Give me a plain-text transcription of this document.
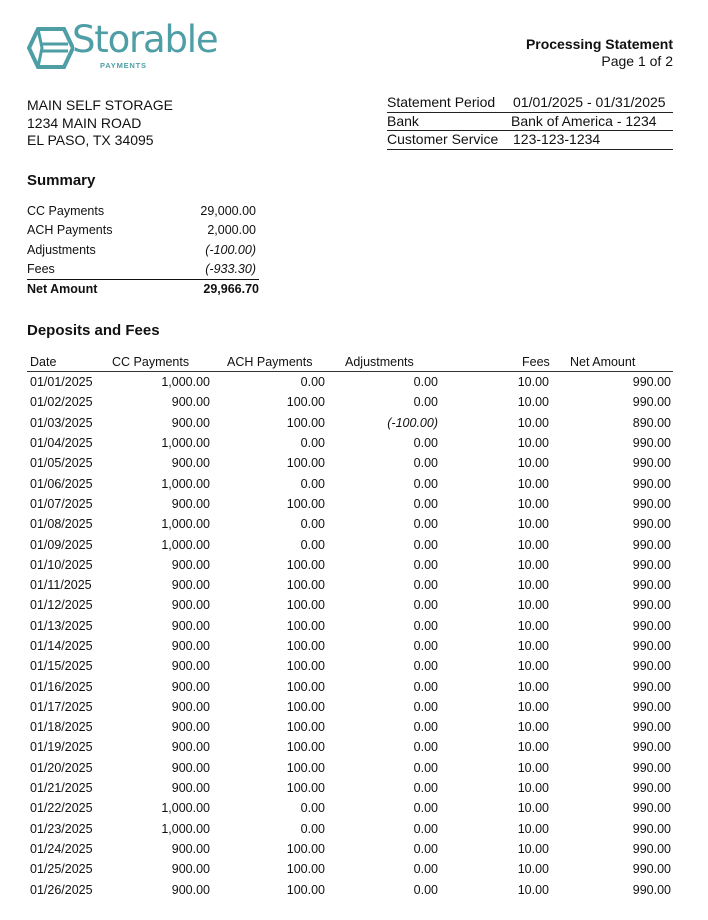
Storable
PAYMENTS
Processing Statement
Page 1 of 2
MAIN SELF STORAGE
1234 MAIN ROAD
EL PASO, TX 34095
Statement Period	01/01/2025 - 01/31/2025
Bank	Bank of America - 1234
Customer Service	123-123-1234
Summary
CC Payments	29,000.00
ACH Payments	2,000.00
Adjustments	(-100.00)
Fees	(-933.30)
Net Amount	29,966.70
Deposits and Fees
Date	CC Payments	ACH Payments	Adjustments	Fees	Net Amount
01/01/2025	1,000.00	0.00	0.00	10.00	990.00
01/02/2025	900.00	100.00	0.00	10.00	990.00
01/03/2025	900.00	100.00	(-100.00)	10.00	890.00
01/04/2025	1,000.00	0.00	0.00	10.00	990.00
01/05/2025	900.00	100.00	0.00	10.00	990.00
01/06/2025	1,000.00	0.00	0.00	10.00	990.00
01/07/2025	900.00	100.00	0.00	10.00	990.00
01/08/2025	1,000.00	0.00	0.00	10.00	990.00
01/09/2025	1,000.00	0.00	0.00	10.00	990.00
01/10/2025	900.00	100.00	0.00	10.00	990.00
01/11/2025	900.00	100.00	0.00	10.00	990.00
01/12/2025	900.00	100.00	0.00	10.00	990.00
01/13/2025	900.00	100.00	0.00	10.00	990.00
01/14/2025	900.00	100.00	0.00	10.00	990.00
01/15/2025	900.00	100.00	0.00	10.00	990.00
01/16/2025	900.00	100.00	0.00	10.00	990.00
01/17/2025	900.00	100.00	0.00	10.00	990.00
01/18/2025	900.00	100.00	0.00	10.00	990.00
01/19/2025	900.00	100.00	0.00	10.00	990.00
01/20/2025	900.00	100.00	0.00	10.00	990.00
01/21/2025	900.00	100.00	0.00	10.00	990.00
01/22/2025	1,000.00	0.00	0.00	10.00	990.00
01/23/2025	1,000.00	0.00	0.00	10.00	990.00
01/24/2025	900.00	100.00	0.00	10.00	990.00
01/25/2025	900.00	100.00	0.00	10.00	990.00
01/26/2025	900.00	100.00	0.00	10.00	990.00
